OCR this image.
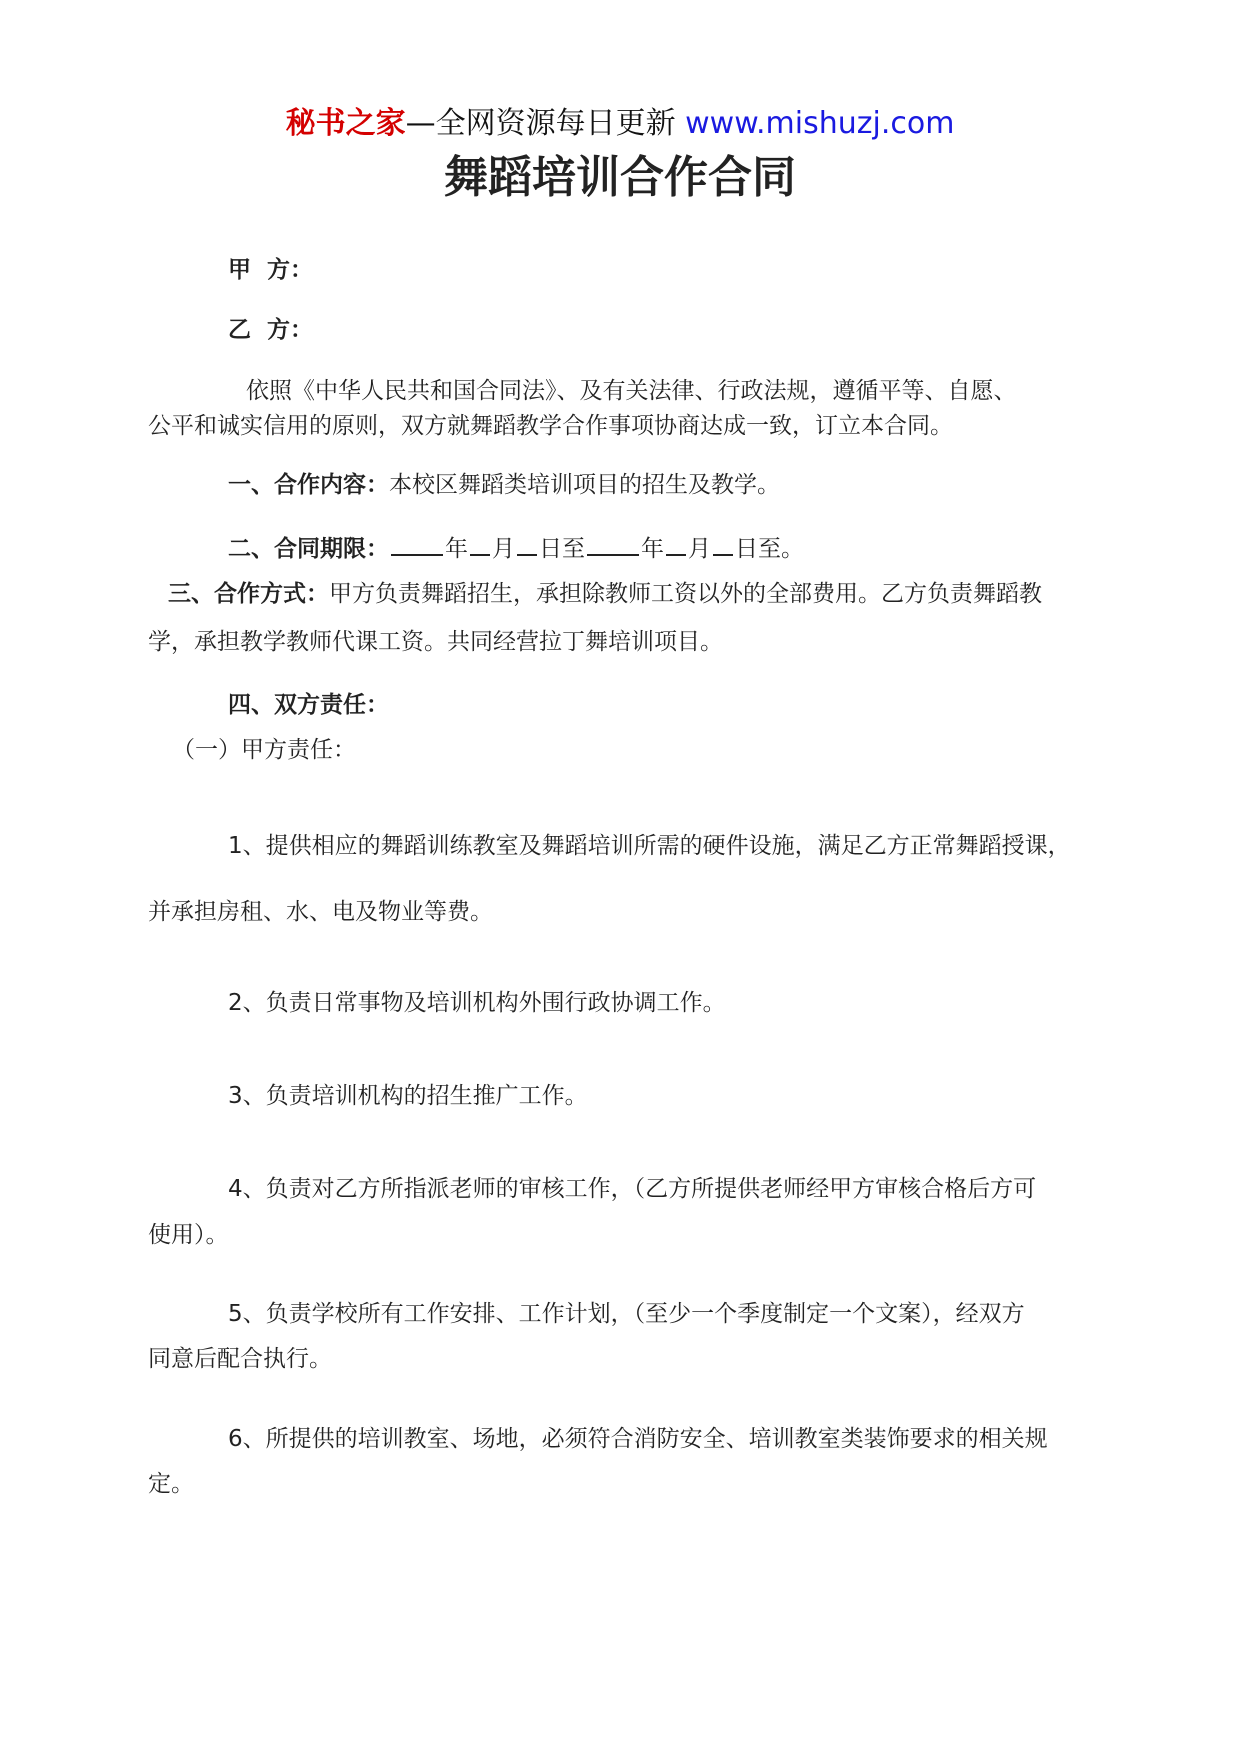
秘书之家—全网资源每日更新 www.mishuzj.com
舞蹈培训合作合同
甲  方：
乙  方：
依照《中华人民共和国合同法》、及有关法律、行政法规，遵循平等、自愿、
公平和诚实信用的原则，双方就舞蹈教学合作事项协商达成一致，订立本合同。
一、合作内容：本校区舞蹈类培训项目的招生及教学。
二、合同期限： 年 月 日至 年 月 日至。
三、合作方式：甲方负责舞蹈招生，承担除教师工资以外的全部费用。乙方负责舞蹈教
学，承担教学教师代课工资。共同经营拉丁舞培训项目。
四、双方责任：
（一）甲方责任：
1、提供相应的舞蹈训练教室及舞蹈培训所需的硬件设施，满足乙方正常舞蹈授课，
并承担房租、水、电及物业等费。
2、负责日常事物及培训机构外围行政协调工作。
3、负责培训机构的招生推广工作。
4、负责对乙方所指派老师的审核工作，（乙方所提供老师经甲方审核合格后方可
使用）。
5、负责学校所有工作安排、工作计划，（至少一个季度制定一个文案），经双方
同意后配合执行。
6、所提供的培训教室、场地，必须符合消防安全、培训教室类装饰要求的相关规
定。
